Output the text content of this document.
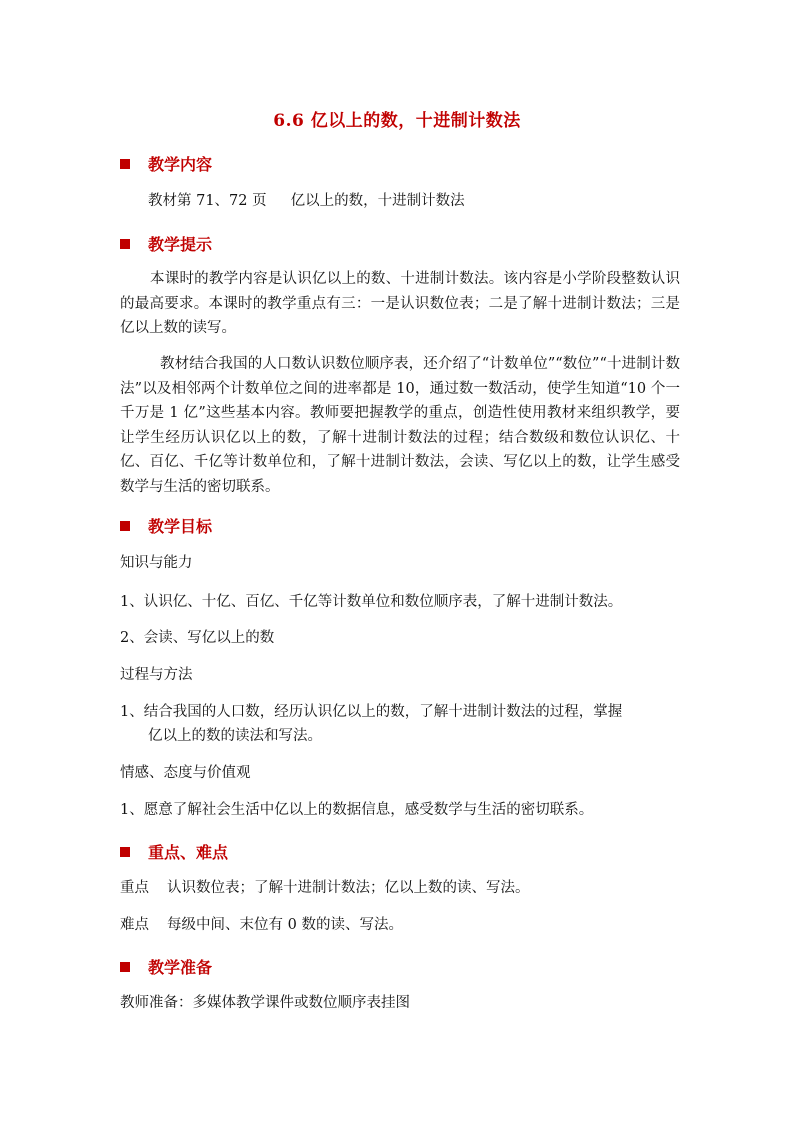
6.6 亿以上的数，十进制计数法
教学内容
教材第 71、72 页 亿以上的数，十进制计数法
教学提示
本课时的教学内容是认识亿以上的数、十进制计数法。该内容是小学阶段整数认识的最高要求。本课时的教学重点有三：一是认识数位表；二是了解十进制计数法；三是亿以上数的读写。
教材结合我国的人口数认识数位顺序表，还介绍了“计数单位”“数位”“十进制计数法”以及相邻两个计数单位之间的进率都是 10，通过数一数活动，使学生知道“10 个一千万是 1 亿”这些基本内容。教师要把握教学的重点，创造性使用教材来组织教学，要让学生经历认识亿以上的数，了解十进制计数法的过程；结合数级和数位认识亿、十亿、百亿、千亿等计数单位和，了解十进制计数法，会读、写亿以上的数，让学生感受数学与生活的密切联系。
教学目标
知识与能力
1、认识亿、十亿、百亿、千亿等计数单位和数位顺序表，了解十进制计数法。
2、会读、写亿以上的数
过程与方法
1、结合我国的人口数，经历认识亿以上的数，了解十进制计数法的过程，掌握
亿以上的数的读法和写法。
情感、态度与价值观
1、愿意了解社会生活中亿以上的数据信息，感受数学与生活的密切联系。
重点、难点
重点 认识数位表；了解十进制计数法；亿以上数的读、写法。
难点 每级中间、末位有 0 数的读、写法。
教学准备
教师准备：多媒体教学课件或数位顺序表挂图
